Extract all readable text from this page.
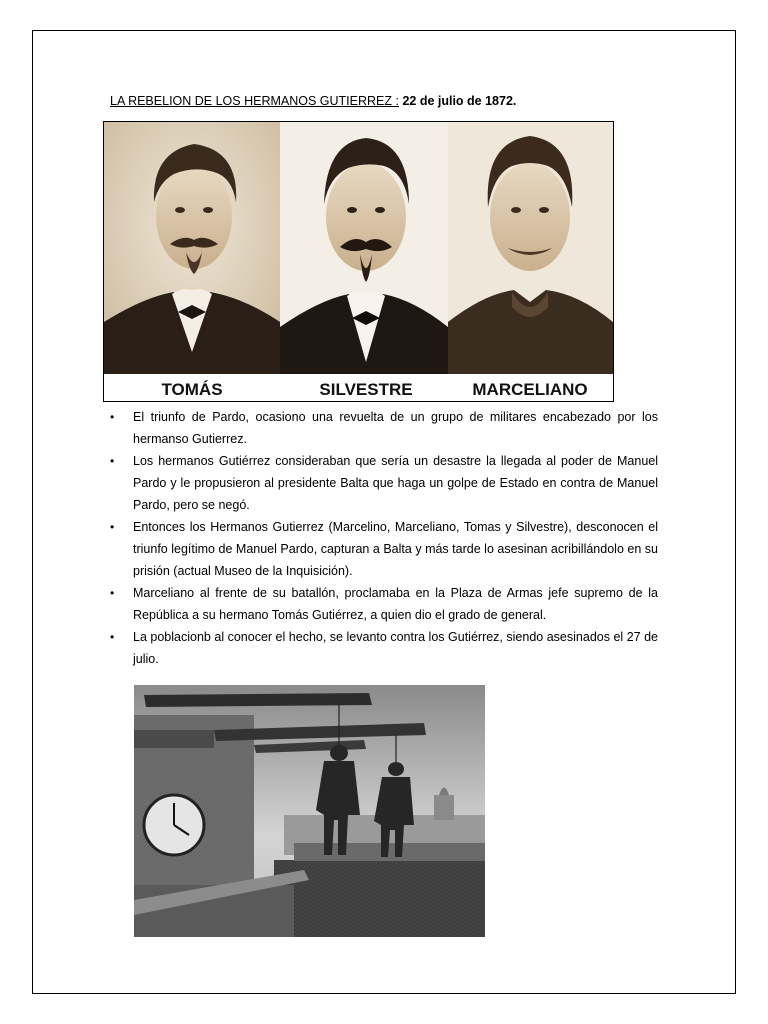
LA REBELION DE LOS HERMANOS GUTIERREZ : 22 de julio de 1872.
TOMÁS	SILVESTRE	MARCELIANO
• El triunfo de Pardo, ocasiono una revuelta de un grupo de militares encabezado por los hermanso Gutierrez.
• Los hermanos Gutiérrez consideraban que sería un desastre la llegada al poder de Manuel Pardo y le propusieron al presidente Balta que haga un golpe de Estado en contra de Manuel Pardo, pero se negó.
• Entonces los Hermanos Gutierrez (Marcelino, Marceliano, Tomas y Silvestre), desconocen el triunfo legítimo de Manuel Pardo, capturan a Balta y más tarde lo asesinan acribillándolo en su prisión (actual Museo de la Inquisición).
• Marceliano al frente de su batallón, proclamaba en la Plaza de Armas jefe supremo de la República a su hermano Tomás Gutiérrez, a quien dio el grado de general.
• La poblacionb al conocer el hecho, se levanto contra los Gutiérrez, siendo asesinados el 27 de julio.
